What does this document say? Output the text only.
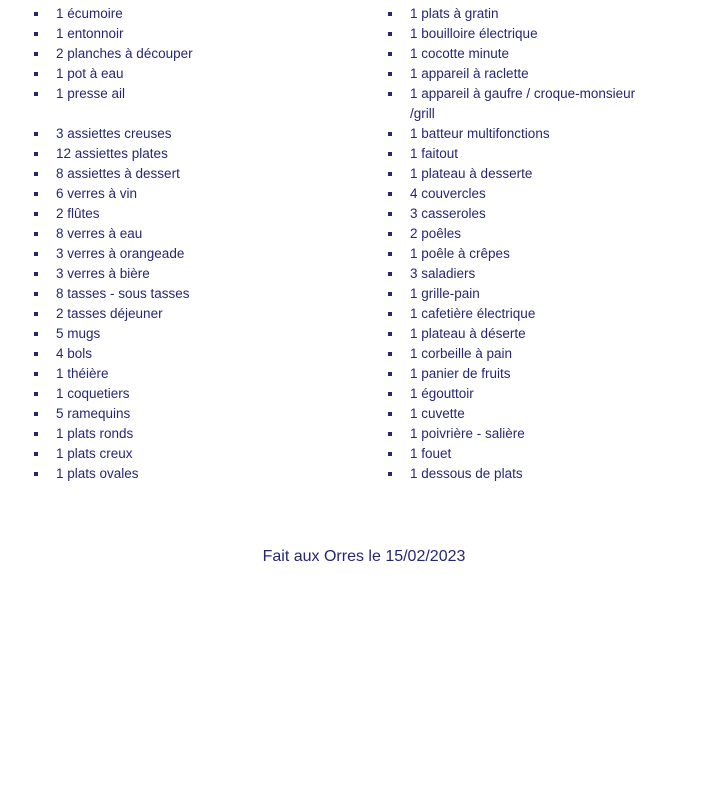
1 écumoire
1 entonnoir
2 planches à découper
1 pot à eau
1 presse ail
3 assiettes creuses
12 assiettes plates
8 assiettes à dessert
6 verres à vin
2 flûtes
8 verres à eau
3 verres à orangeade
3 verres à bière
8 tasses - sous tasses
2 tasses déjeuner
5 mugs
4 bols
1 théière
1 coquetiers
5 ramequins
1 plats ronds
1 plats creux
1 plats ovales
1 plats à gratin
1 bouilloire électrique
1 cocotte minute
1 appareil à raclette
1 appareil à gaufre / croque-monsieur
/grill
1 batteur multifonctions
1 faitout
1 plateau à desserte
4 couvercles
3 casseroles
2 poêles
1 poêle à crêpes
3 saladiers
1 grille-pain
1 cafetière électrique
1 plateau à déserte
1 corbeille à pain
1 panier de fruits
1 égouttoir
1 cuvette
1 poivrière - salière
1 fouet
1 dessous de plats
Fait aux Orres le 15/02/2023
